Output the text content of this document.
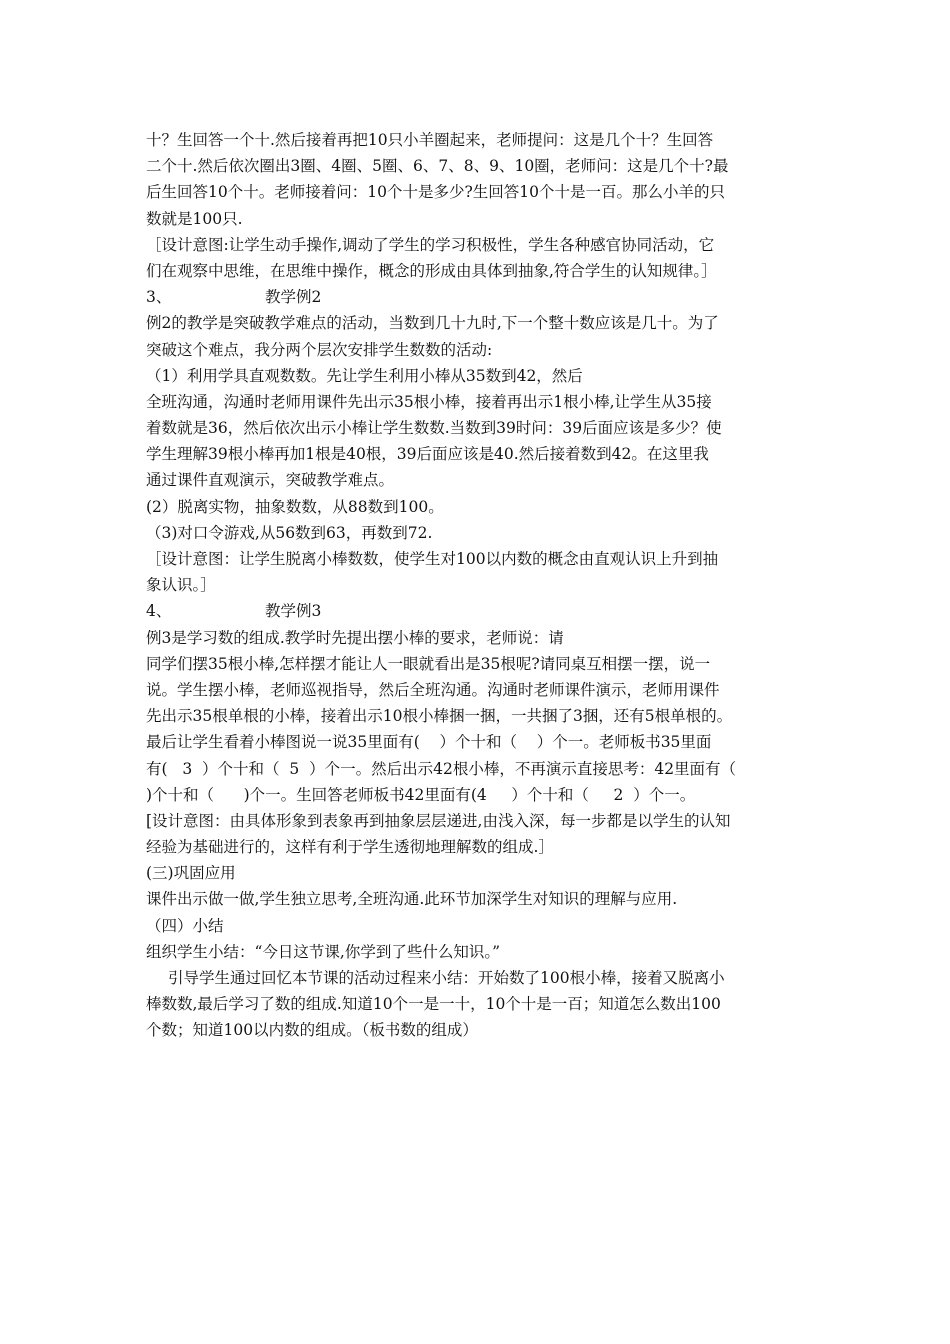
十？生回答一个十.然后接着再把10只小羊圈起来，老师提问：这是几个十？生回答
二个十.然后依次圈出3圈、4圈、5圈、6、7、8、9、10圈，老师问：这是几个十?最
后生回答10个十。老师接着问：10个十是多少?生回答10个十是一百。那么小羊的只
数就是100只.
［设计意图:让学生动手操作,调动了学生的学习积极性，学生各种感官协同活动，它
们在观察中思维，在思维中操作，概念的形成由具体到抽象,符合学生的认知规律。］
3、                   教学例2
例2的教学是突破教学难点的活动，当数到几十九时,下一个整十数应该是几十。为了
突破这个难点，我分两个层次安排学生数数的活动:
（1）利用学具直观数数。先让学生利用小棒从35数到42，然后
全班沟通，沟通时老师用课件先出示35根小棒，接着再出示1根小棒,让学生从35接
着数就是36，然后依次出示小棒让学生数数.当数到39时问：39后面应该是多少？使
学生理解39根小棒再加1根是40根，39后面应该是40.然后接着数到42。在这里我
通过课件直观演示，突破教学难点。
(2）脱离实物，抽象数数，从88数到100。
（3)对口令游戏,从56数到63，再数到72.
［设计意图：让学生脱离小棒数数，使学生对100以内数的概念由直观认识上升到抽
象认识。］
4、                   教学例3
例3是学习数的组成.教学时先提出摆小棒的要求，老师说：请
同学们摆35根小棒,怎样摆才能让人一眼就看出是35根呢?请同桌互相摆一摆，说一
说。学生摆小棒，老师巡视指导，然后全班沟通。沟通时老师课件演示，老师用课件
先出示35根单根的小棒，接着出示10根小棒捆一捆，一共捆了3捆，还有5根单根的。
最后让学生看着小棒图说一说35里面有(    ）个十和（    ）个一。老师板书35里面
有(   3  ）个十和（  5  ）个一。然后出示42根小棒，不再演示直接思考：42里面有（
)个十和（      )个一。生回答老师板书42里面有(4     ）个十和（     2  ）个一。
[设计意图：由具体形象到表象再到抽象层层递进,由浅入深，每一步都是以学生的认知
经验为基础进行的，这样有利于学生透彻地理解数的组成.］
(三)巩固应用
课件出示做一做,学生独立思考,全班沟通.此环节加深学生对知识的理解与应用.
（四）小结
组织学生小结：“今日这节课,你学到了些什么知识。”
引导学生通过回忆本节课的活动过程来小结：开始数了100根小棒，接着又脱离小
棒数数,最后学习了数的组成.知道10个一是一十，10个十是一百；知道怎么数出100
个数；知道100以内数的组成。（板书数的组成）
